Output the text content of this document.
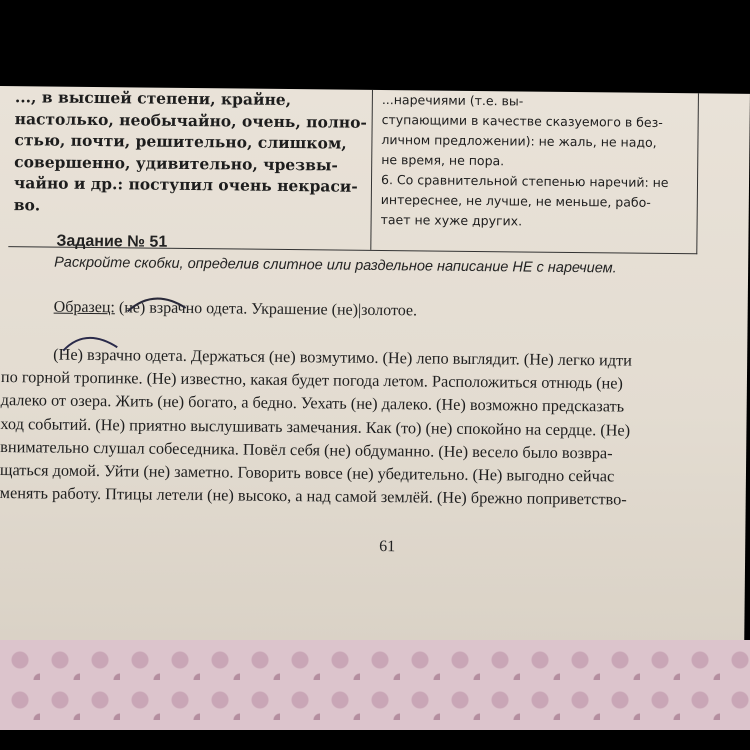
..., в высшей степени, крайне,
настолько, необычайно, очень, полно-
стью, почти, решительно, слишком,
совершенно, удивительно, чрезвы-
чайно и др.: поступил очень некраси-
во.
...наречиями (т.е. вы-
ступающими в качестве сказуемого в без-
личном предложении): не жаль, не надо,
не время, не пора.
6. Со сравнительной степенью наречий: не
интереснее, не лучше, не меньше, рабо-
тает не хуже других.
Задание № 51
Раскройте скобки, определив слитное или раздельное написание НЕ с наречием.
Образец: (не) взрачно одета. Украшение (не)|золотое.
(Не) взрачно одета. Держаться (не) возмутимо. (Не) лепо выглядит. (Не) легко идти
по горной тропинке. (Не) известно, какая будет погода летом. Расположиться отнюдь (не)
далеко от озера. Жить (не) богато, а бедно. Уехать (не) далеко. (Не) возможно предсказать
ход событий. (Не) приятно выслушивать замечания. Как (то) (не) спокойно на сердце. (Не)
внимательно слушал собеседника. Повёл себя (не) обдуманно. (Не) весело было возвра-
щаться домой. Уйти (не) заметно. Говорить вовсе (не) убедительно. (Не) выгодно сейчас
менять работу. Птицы летели (не) высоко, а над самой землёй. (Не) брежно поприветство-
61
